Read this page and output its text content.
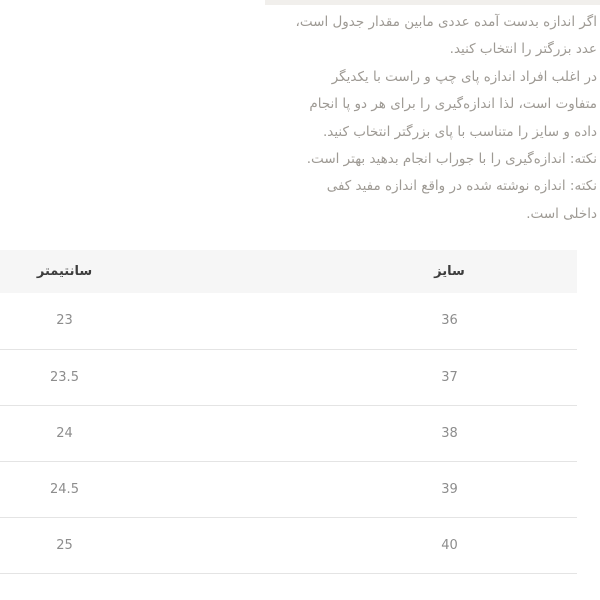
اگر اندازه بدست آمده عددی مابین مقدار جدول است،
عدد بزرگتر را انتخاب کنید.
در اغلب افراد اندازه پای چپ و راست با یکدیگر
متفاوت است، لذا اندازه‌گیری را برای هر دو پا انجام
داده و سایز را متناسب با پای بزرگتر انتخاب کنید.
نکته: اندازه‌گیری را با جوراب انجام بدهید بهتر است.
نکته: اندازه نوشته شده در واقع اندازه مفید کفی
داخلی است.
سایز	سانتیمتر
36	23
37	23.5
38	24
39	24.5
40	25
